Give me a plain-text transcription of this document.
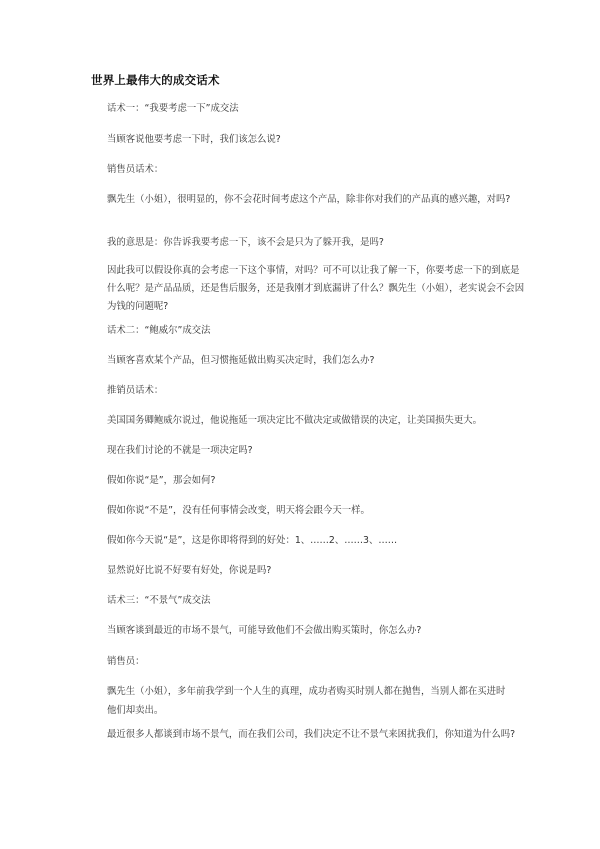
世界上最伟大的成交话术
话术一：“我要考虑一下”成交法
当顾客说他要考虑一下时，我们该怎么说?
销售员话术：
飘先生（小姐），很明显的，你不会花时间考虑这个产品，除非你对我们的产品真的感兴趣，对吗?
我的意思是：你告诉我要考虑一下，该不会是只为了躲开我，是吗?
因此我可以假设你真的会考虑一下这个事情，对吗？可不可以让我了解一下，你要考虑一下的到底是什么呢？是产品品质，还是售后服务，还是我刚才到底漏讲了什么？飘先生（小姐），老实说会不会因为钱的问题呢?
话术二：“鲍威尔”成交法
当顾客喜欢某个产品，但习惯拖延做出购买决定时，我们怎么办?
推销员话术：
美国国务卿鲍威尔说过，他说拖延一项决定比不做决定或做错误的决定，让美国损失更大。
现在我们讨论的不就是一项决定吗?
假如你说“是”，那会如何?
假如你说“不是”，没有任何事情会改变，明天将会跟今天一样。
假如你今天说“是”，这是你即将得到的好处：1、……2、……3、……
显然说好比说不好要有好处，你说是吗?
话术三：“不景气”成交法
当顾客谈到最近的市场不景气，可能导致他们不会做出购买策时，你怎么办?
销售员：
飘先生（小姐），多年前我学到一个人生的真理，成功者购买时别人都在抛售，当别人都在买进时他们却卖出。
最近很多人都谈到市场不景气，而在我们公司，我们决定不让不景气来困扰我们，你知道为什么吗?
